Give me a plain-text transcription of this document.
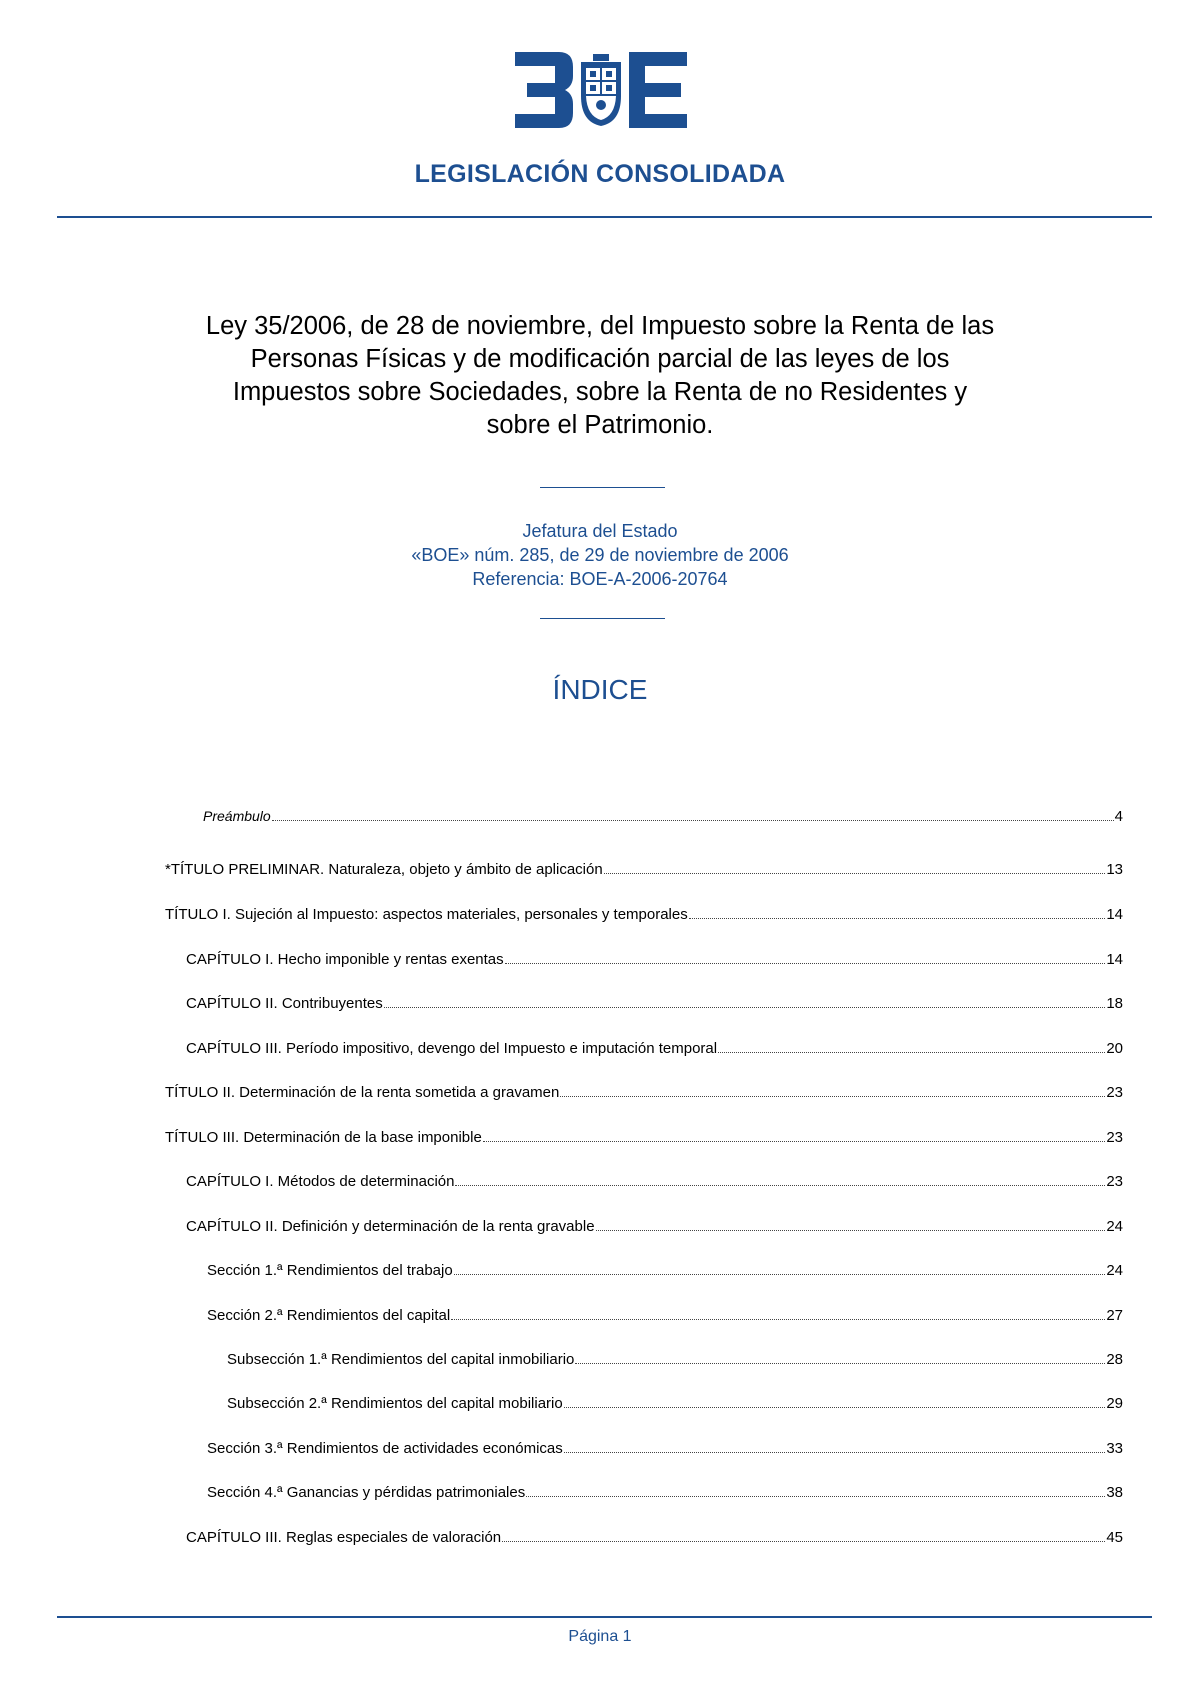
LEGISLACIÓN CONSOLIDADA
Ley 35/2006, de 28 de noviembre, del Impuesto sobre la Renta de las Personas Físicas y de modificación parcial de las leyes de los Impuestos sobre Sociedades, sobre la Renta de no Residentes y sobre el Patrimonio.
Jefatura del Estado
«BOE» núm. 285, de 29 de noviembre de 2006
Referencia: BOE-A-2006-20764
ÍNDICE
Preámbulo	4
*TÍTULO PRELIMINAR. Naturaleza, objeto y ámbito de aplicación	13
TÍTULO I. Sujeción al Impuesto: aspectos materiales, personales y temporales	14
CAPÍTULO I. Hecho imponible y rentas exentas	14
CAPÍTULO II. Contribuyentes	18
CAPÍTULO III. Período impositivo, devengo del Impuesto e imputación temporal	20
TÍTULO II. Determinación de la renta sometida a gravamen	23
TÍTULO III. Determinación de la base imponible	23
CAPÍTULO I. Métodos de determinación	23
CAPÍTULO II. Definición y determinación de la renta gravable	24
Sección 1.ª Rendimientos del trabajo	24
Sección 2.ª Rendimientos del capital	27
Subsección 1.ª Rendimientos del capital inmobiliario	28
Subsección 2.ª Rendimientos del capital mobiliario	29
Sección 3.ª Rendimientos de actividades económicas	33
Sección 4.ª Ganancias y pérdidas patrimoniales	38
CAPÍTULO III. Reglas especiales de valoración	45
Página 1
